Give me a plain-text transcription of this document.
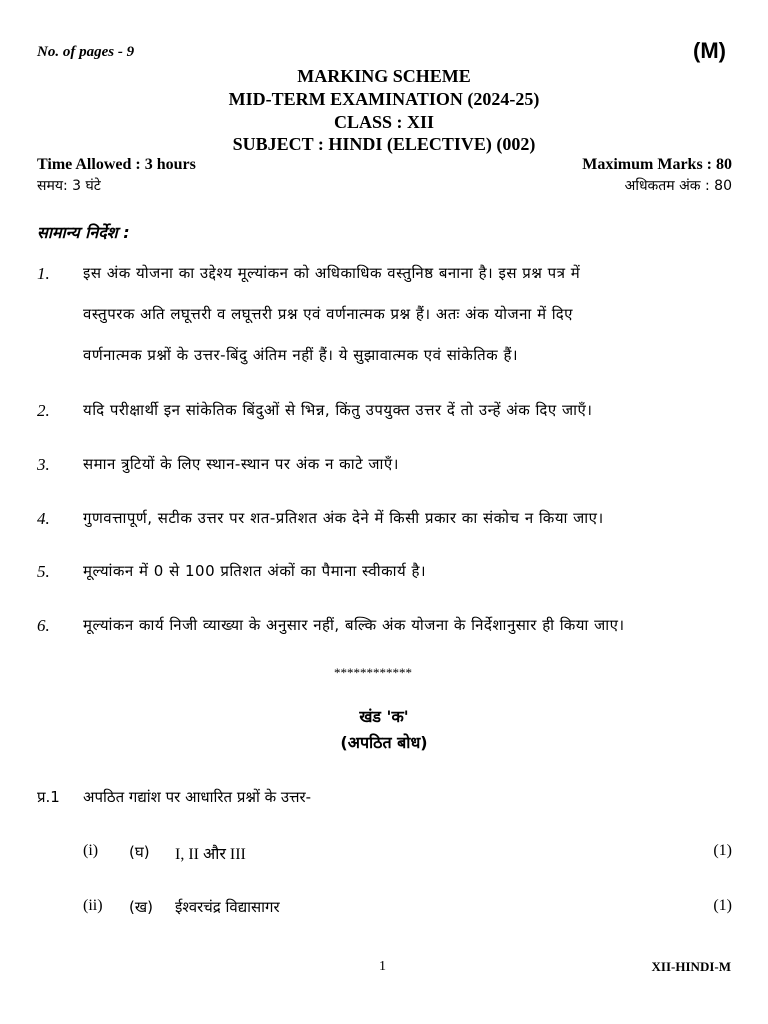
No. of pages - 9	(M)
MARKING SCHEME
MID-TERM EXAMINATION (2024-25)
CLASS : XII
SUBJECT : HINDI (ELECTIVE) (002)
Time Allowed : 3 hours	Maximum Marks : 80
समय: 3 घंटे	अधिकतम अंक : 80
सामान्य निर्देश :
1. इस अंक योजना का उद्देश्य मूल्यांकन को अधिकाधिक वस्तुनिष्ठ बनाना है। इस प्रश्न पत्र में
वस्तुपरक अति लघूत्तरी व लघूत्तरी प्रश्न एवं वर्णनात्मक प्रश्न हैं। अतः अंक योजना में दिए
वर्णनात्मक प्रश्नों के उत्तर-बिंदु अंतिम नहीं हैं। ये सुझावात्मक एवं सांकेतिक हैं।
2. यदि परीक्षार्थी इन सांकेतिक बिंदुओं से भिन्न, किंतु उपयुक्त उत्तर दें तो उन्हें अंक दिए जाएँ।
3. समान त्रुटियों के लिए स्थान-स्थान पर अंक न काटे जाएँ।
4. गुणवत्तापूर्ण, सटीक उत्तर पर शत-प्रतिशत अंक देने में किसी प्रकार का संकोच न किया जाए।
5. मूल्यांकन में 0 से 100 प्रतिशत अंकों का पैमाना स्वीकार्य है।
6. मूल्यांकन कार्य निजी व्याख्या के अनुसार नहीं, बल्कि अंक योजना के निर्देशानुसार ही किया जाए।
************
खंड 'क'
(अपठित बोध)
प्र.1 अपठित गद्यांश पर आधारित प्रश्नों के उत्तर-
(i) (घ) I, II और III	(1)
(ii) (ख) ईश्वरचंद्र विद्यासागर	(1)
1	XII-HINDI-M
